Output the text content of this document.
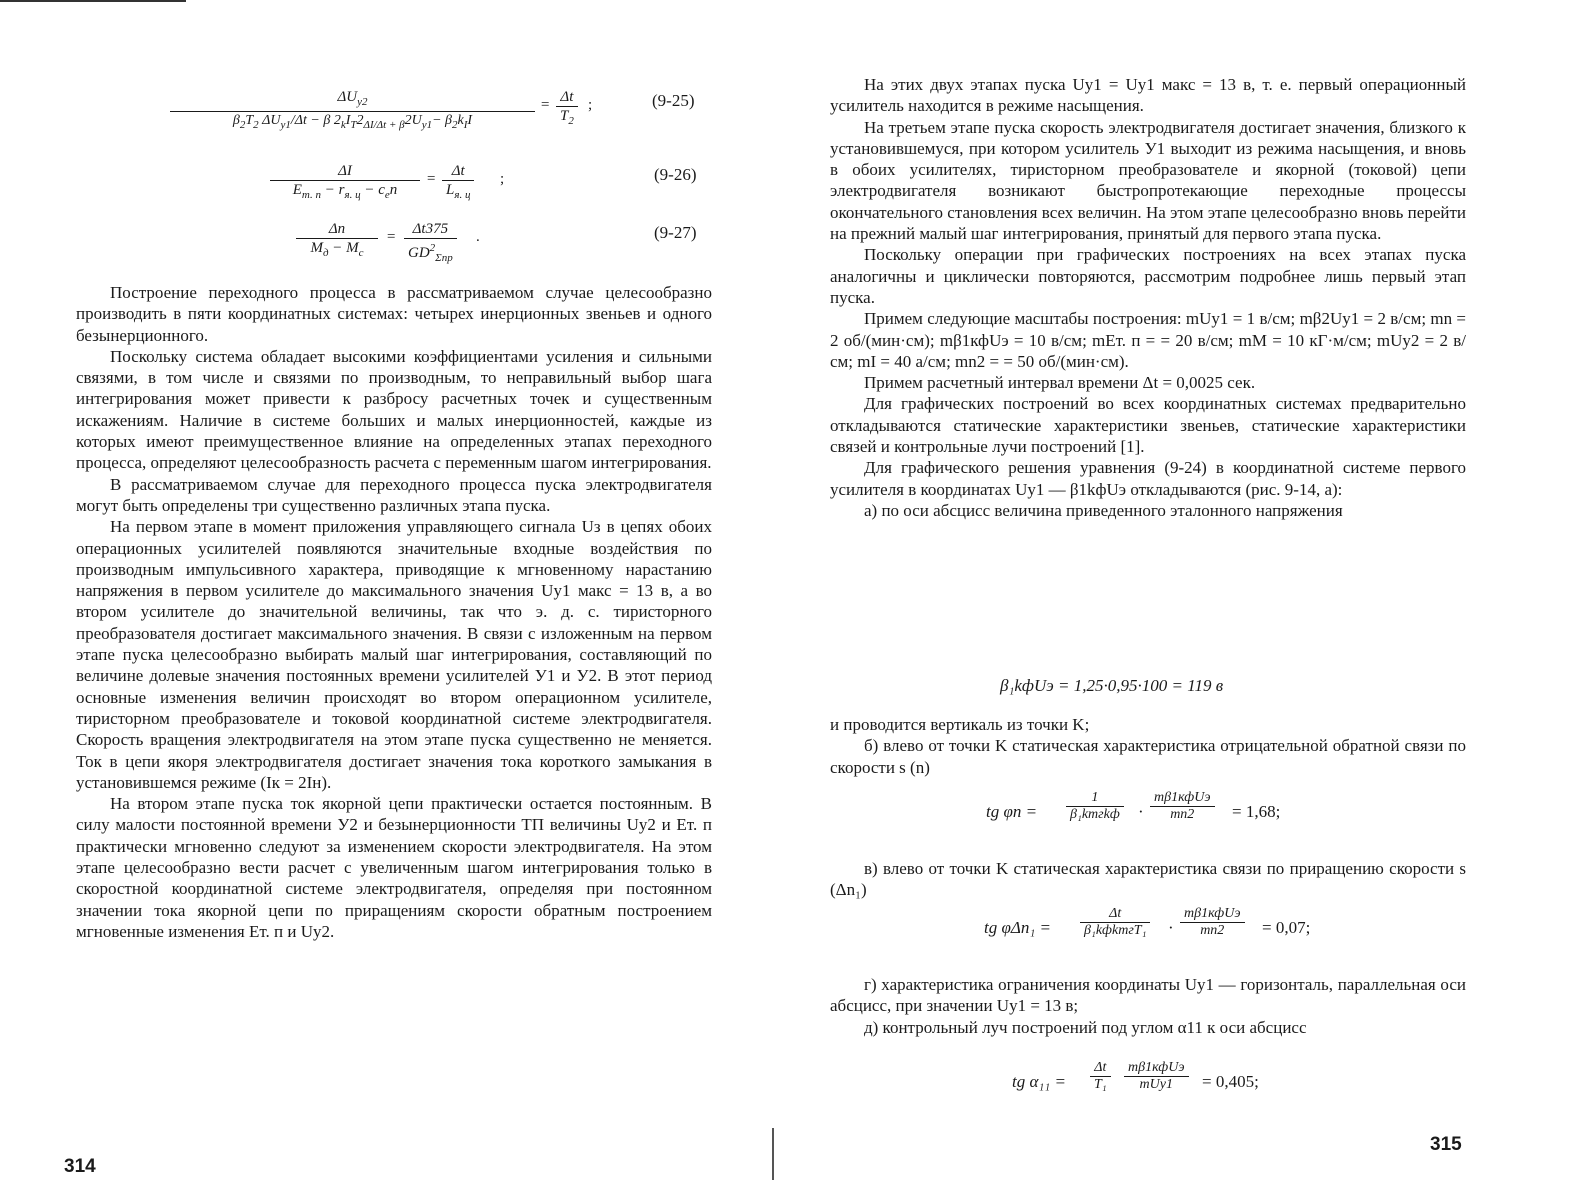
$\Delta U_{у2}$
$\beta_2T_2$ $\Delta U_{у1}/\Delta t - \beta$ $2_kI_T2_{\Delta I/\Delta t + \beta}2U_{у1}- \beta_2k_II$
= $\frac{\Delta t}{T_2}$ ;	(9-25)
ΔI
$E_{т. п} - r_{я. ц} - c_en$
=	Δt
$L_{я. ц}$
;	(9-26)
Δn
$M_д - M_c$
=	Δt375
$GD^2_{\Sigma пр}$
.	(9-27)

Построение переходного процесса в рассматриваемом случае целесообразно производить в пяти координатных системах: четырех инерционных звеньев и одного безынерционного.

Поскольку система обладает высокими коэффициентами усиления и сильными связями, в том числе и связями по производным, то неправильный выбор шага интегрирования может привести к разбросу расчетных точек и существенным искажениям. Наличие в системе больших и малых инерционностей, каждые из которых имеют преимущественное влияние на определенных этапах переходного процесса, определяют целесообразность расчета с переменным шагом интегрирования.

В рассматриваемом случае для переходного процесса пуска электродвигателя могут быть определены три существенно различных этапа пуска.

На первом этапе в момент приложения управляющего сигнала Uз в цепях обоих операционных усилителей появляются значительные входные воздействия по производным импульсивного характера, приводящие к мгновенному нарастанию напряжения в первом усилителе до максимального значения Uу1 макс = 13 в, а во втором усилителе до значительной величины, так что э. д. с. тиристорного преобразователя достигает максимального значения. В связи с изложенным на первом этапе пуска целесообразно выбирать малый шаг интегрирования, составляющий по величине долевые значения постоянных времени усилителей У1 и У2. В этот период основные изменения величин происходят во втором операционном усилителе, тиристорном преобразователе и токовой координатной системе электродвигателя. Скорость вращения электродвигателя на этом этапе пуска существенно не меняется. Ток в цепи якоря электродвигателя достигает значения тока короткого замыкания в установившемся режиме (Iк = 2Iн).

На втором этапе пуска ток якорной цепи практически остается постоянным. В силу малости постоянной времени У2 и безынерционности ТП величины Uу2 и Eт. п практически мгновенно следуют за изменением скорости электродвигателя. На этом этапе целесообразно вести расчет с увеличенным шагом интегрирования только в скоростной координатной системе электродвигателя, определяя при постоянном значении тока якорной цепи по приращениям скорости обратным построением мгновенные изменения Eт. п и Uу2.

314

На этих двух этапах пуска Uу1 = Uу1 макс = 13 в, т. е. первый операционный усилитель находится в режиме насыщения.

На третьем этапе пуска скорость электродвигателя достигает значения, близкого к установившемуся, при котором усилитель У1 выходит из режима насыщения, и вновь в обоих усилителях, тиристорном преобразователе и якорной (токовой) цепи электродвигателя возникают быстропротекающие переходные процессы окончательного становления всех величин. На этом этапе целесообразно вновь перейти на прежний малый шаг интегрирования, принятый для первого этапа пуска.

Поскольку операции при графических построениях на всех этапах пуска аналогичны и циклически повторяются, рассмотрим подробнее лишь первый этап пуска.

Примем следующие масштабы построения: mUу1 = 1 в/см; mβ2Uу1 = 2 в/см; mn = 2 об/(мин·см); mβ1кфUэ = 10 в/см; mEт. п = = 20 в/см; mM = 10 кГ·м/см; mUу2 = 2 в/см; mI = 40 а/см; mn2 = = 50 об/(мин·см).

Примем расчетный интервал времени Δt = 0,0025 сек.

Для графических построений во всех координатных системах предварительно откладываются статические характеристики звеньев, статические характеристики связей и контрольные лучи построений [1].

Для графического решения уравнения (9-24) в координатной системе первого усилителя в координатах Uу1 — β1kфUэ откладываются (рис. 9-14, а):

а) по оси абсцисс величина приведенного эталонного напряжения

β₁kфUэ = 1,25·0,95·100 = 119 в

и проводится вертикаль из точки K;

б) влево от точки K статическая характеристика отрицательной обратной связи по скорости s (n)

tg φn =
1
β₁kтгkф ·
mβ1кфUэ
mn2	= 1,68;

в) влево от точки K статическая характеристика связи по приращению скорости s (Δn₁)

tg φΔn₁ =
Δt
β₁kфkтгT₁ ·
mβ1кфUэ
mn2	= 0,07;

г) характеристика ограничения координаты Uу1 — горизонталь, параллельная оси абсцисс, при значении Uу1 = 13 в;

д) контрольный луч построений под углом α11 к оси абсцисс

tg $\alpha_{11} = \frac{\Delta t}{\text{T₁}}$ mβ1кфUэ
mUу1	= 0,405;
315
